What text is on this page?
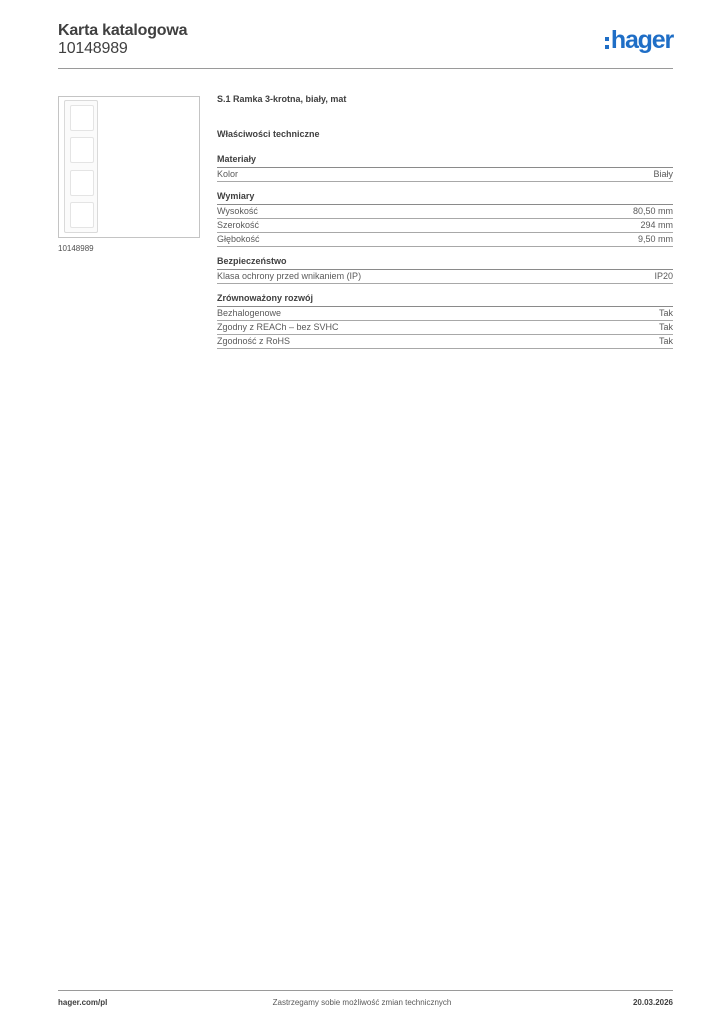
Karta katalogowa
10148989	hager
10148989
S.1 Ramka 3-krotna, biały, mat
Właściwości techniczne
Materiały
Kolor	Biały
Wymiary
Wysokość	80,50 mm
Szerokość	294 mm
Głębokość	9,50 mm
Bezpieczeństwo
Klasa ochrony przed wnikaniem (IP)	IP20
Zrównoważony rozwój
Bezhalogenowe	Tak
Zgodny z REACh – bez SVHC	Tak
Zgodność z RoHS	Tak
Zastrzegamy sobie możliwość zmian technicznych
hager.com/pl	20.03.2026
